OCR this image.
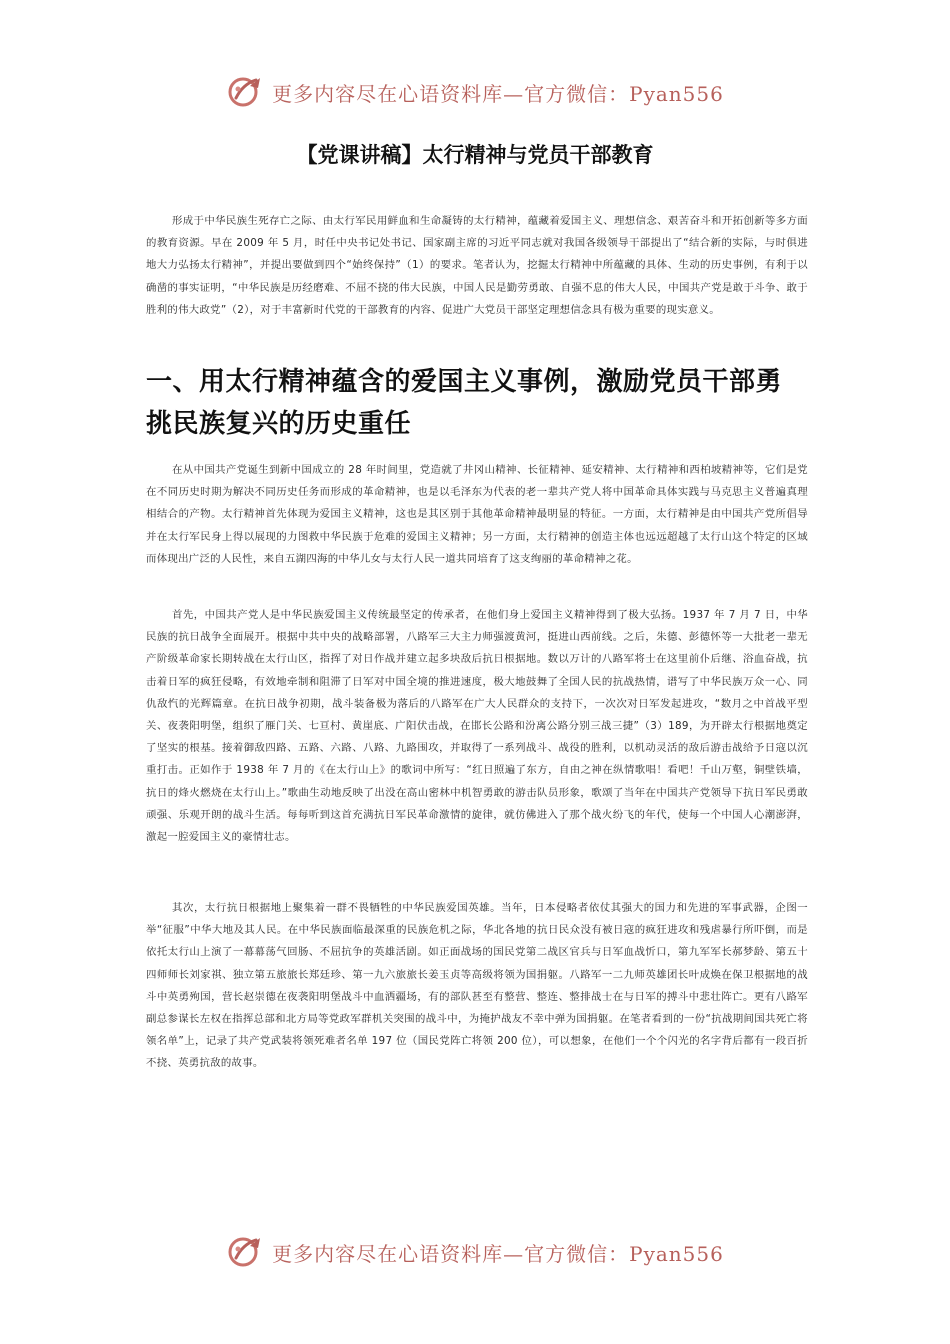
更多内容尽在心语资料库—官方微信：Pyan556
【党课讲稿】太行精神与党员干部教育

形成于中华民族生死存亡之际、由太行军民用鲜血和生命凝铸的太行精神，蕴藏着爱国主义、理想信念、艰苦奋斗和开拓创新等多方面的教育资源。早在 2009 年 5 月，时任中央书记处书记、国家副主席的习近平同志就对我国各级领导干部提出了“结合新的实际，与时俱进地大力弘扬太行精神”，并提出要做到四个“始终保持”（1）的要求。笔者认为，挖掘太行精神中所蕴藏的具体、生动的历史事例，有利于以确凿的事实证明，“中华民族是历经磨难、不屈不挠的伟大民族，中国人民是勤劳勇敢、自强不息的伟大人民，中国共产党是敢于斗争、敢于胜利的伟大政党”（2），对于丰富新时代党的干部教育的内容、促进广大党员干部坚定理想信念具有极为重要的现实意义。

一、用太行精神蕴含的爱国主义事例，激励党员干部勇挑民族复兴的历史重任

在从中国共产党诞生到新中国成立的 28 年时间里，党造就了井冈山精神、长征精神、延安精神、太行精神和西柏坡精神等，它们是党在不同历史时期为解决不同历史任务而形成的革命精神，也是以毛泽东为代表的老一辈共产党人将中国革命具体实践与马克思主义普遍真理相结合的产物。太行精神首先体现为爱国主义精神，这也是其区别于其他革命精神最明显的特征。一方面，太行精神是由中国共产党所倡导并在太行军民身上得以展现的力图救中华民族于危难的爱国主义精神；另一方面，太行精神的创造主体也远远超越了太行山这个特定的区域而体现出广泛的人民性，来自五湖四海的中华儿女与太行人民一道共同培育了这支绚丽的革命精神之花。

首先，中国共产党人是中华民族爱国主义传统最坚定的传承者，在他们身上爱国主义精神得到了极大弘扬。1937 年 7 月 7 日，中华民族的抗日战争全面展开。根据中共中央的战略部署，八路军三大主力师强渡黄河，挺进山西前线。之后，朱德、彭德怀等一大批老一辈无产阶级革命家长期转战在太行山区，指挥了对日作战并建立起多块敌后抗日根据地。数以万计的八路军将士在这里前仆后继、浴血奋战，抗击着日军的疯狂侵略，有效地牵制和阻滞了日军对中国全境的推进速度，极大地鼓舞了全国人民的抗战热情，谱写了中华民族万众一心、同仇敌忾的光辉篇章。在抗日战争初期，战斗装备极为落后的八路军在广大人民群众的支持下，一次次对日军发起进攻，“数月之中首战平型关、夜袭阳明堡，组织了雁门关、七亘村、黄崖底、广阳伏击战，在邯长公路和汾离公路分别三战三捷”（3）189，为开辟太行根据地奠定了坚实的根基。接着御敌四路、五路、六路、八路、九路围攻，并取得了一系列战斗、战役的胜利，以机动灵活的敌后游击战给予日寇以沉重打击。正如作于 1938 年 7 月的《在太行山上》的歌词中所写：“红日照遍了东方，自由之神在纵情歌唱！看吧！千山万壑，铜壁铁墙，抗日的烽火燃烧在太行山上。”歌曲生动地反映了出没在高山密林中机智勇敢的游击队员形象，歌颂了当年在中国共产党领导下抗日军民勇敢顽强、乐观开朗的战斗生活。每每听到这首充满抗日军民革命激情的旋律，就仿佛进入了那个战火纷飞的年代，使每一个中国人心潮澎湃，激起一腔爱国主义的豪情壮志。

其次，太行抗日根据地上聚集着一群不畏牺牲的中华民族爱国英雄。当年，日本侵略者依仗其强大的国力和先进的军事武器，企图一举“征服”中华大地及其人民。在中华民族面临最深重的民族危机之际，华北各地的抗日民众没有被日寇的疯狂进攻和残虐暴行所吓倒，而是依托太行山上演了一幕幕荡气回肠、不屈抗争的英雄活剧。如正面战场的国民党第二战区官兵与日军血战忻口，第九军军长郝梦龄、第五十四师师长刘家祺、独立第五旅旅长郑廷珍、第一九六旅旅长姜玉贞等高级将领为国捐躯。八路军一二九师英雄团长叶成焕在保卫根据地的战斗中英勇殉国，营长赵崇德在夜袭阳明堡战斗中血洒疆场，有的部队甚至有整营、整连、整排战士在与日军的搏斗中悲壮阵亡。更有八路军副总参谋长左权在指挥总部和北方局等党政军群机关突围的战斗中，为掩护战友不幸中弹为国捐躯。在笔者看到的一份“抗战期间国共死亡将领名单”上，记录了共产党武装将领死难者名单 197 位（国民党阵亡将领 200 位），可以想象，在他们一个个闪光的名字背后都有一段百折不挠、英勇抗敌的故事。

更多内容尽在心语资料库—官方微信：Pyan556
